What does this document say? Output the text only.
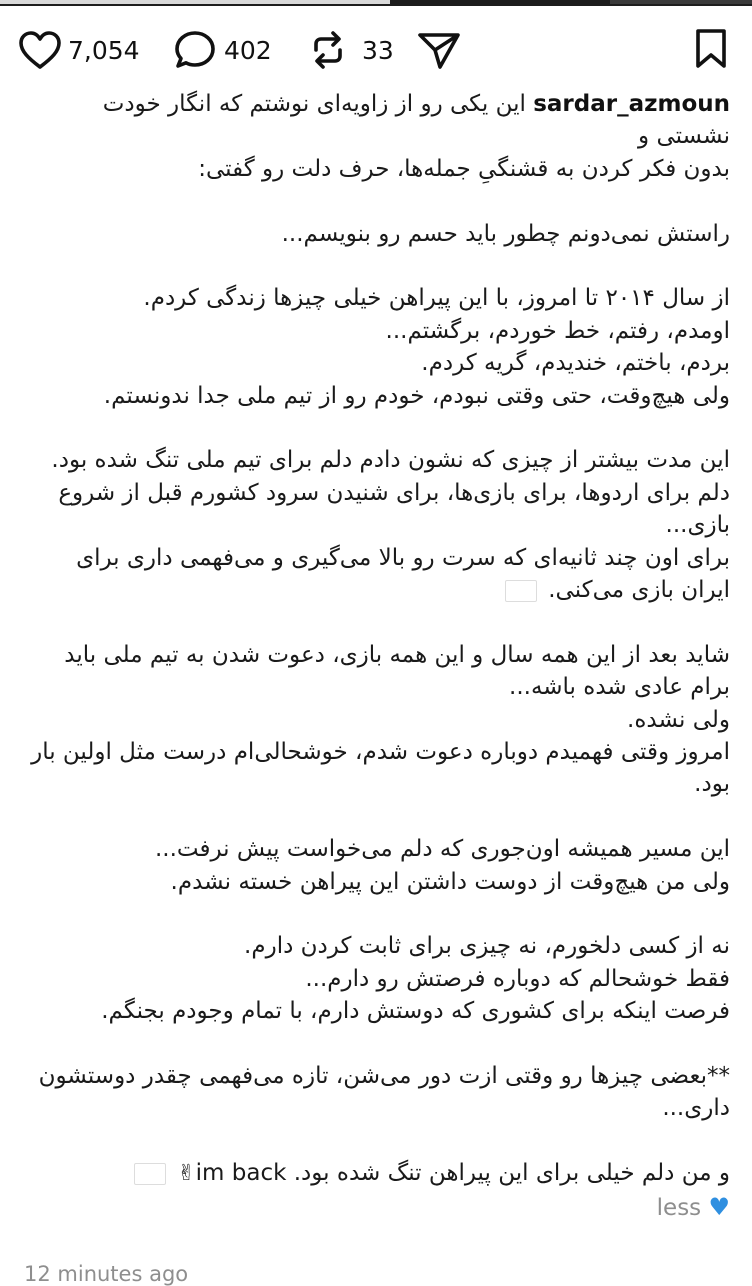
7,054	402	33

sardar_azmoun این یکی رو از زاویه‌ای نوشتم که انگار خودت نشستی و

بدون فکر کردن به قشنگیِ جمله‌ها، حرف دلت رو گفتی:

راستش نمی‌دونم چطور باید حسم رو بنویسم...

از سال ۲۰۱۴ تا امروز، با این پیراهن خیلی چیزها زندگی کردم.

اومدم، رفتم، خط خوردم، برگشتم...

بردم، باختم، خندیدم، گریه کردم.

ولی هیچ‌وقت، حتی وقتی نبودم، خودم رو از تیم ملی جدا ندونستم.

این مدت بیشتر از چیزی که نشون دادم دلم برای تیم ملی تنگ شده بود.

دلم برای اردوها، برای بازی‌ها، برای شنیدن سرود کشورم قبل از شروع بازی...

برای اون چند ثانیه‌ای که سرت رو بالا می‌گیری و می‌فهمی داری برای ایران بازی می‌کنی.

شاید بعد از این همه سال و این همه بازی، دعوت شدن به تیم ملی باید برام عادی شده باشه...

ولی نشده.

امروز وقتی فهمیدم دوباره دعوت شدم، خوشحالی‌ام درست مثل اولین بار بود.

این مسیر همیشه اون‌جوری که دلم می‌خواست پیش نرفت...

ولی من هیچ‌وقت از دوست داشتن این پیراهن خسته نشدم.

نه از کسی دلخورم، نه چیزی برای ثابت کردن دارم.

فقط خوشحالم که دوباره فرصتش رو دارم...

فرصت اینکه برای کشوری که دوستش دارم، با تمام وجودم بجنگم.

**بعضی چیزها رو وقتی ازت دور می‌شن، تازه می‌فهمی چقدر دوستشون داری...

و من دلم خیلی برای این پیراهن تنگ شده بود. im back✌

♥ less

12 minutes ago
